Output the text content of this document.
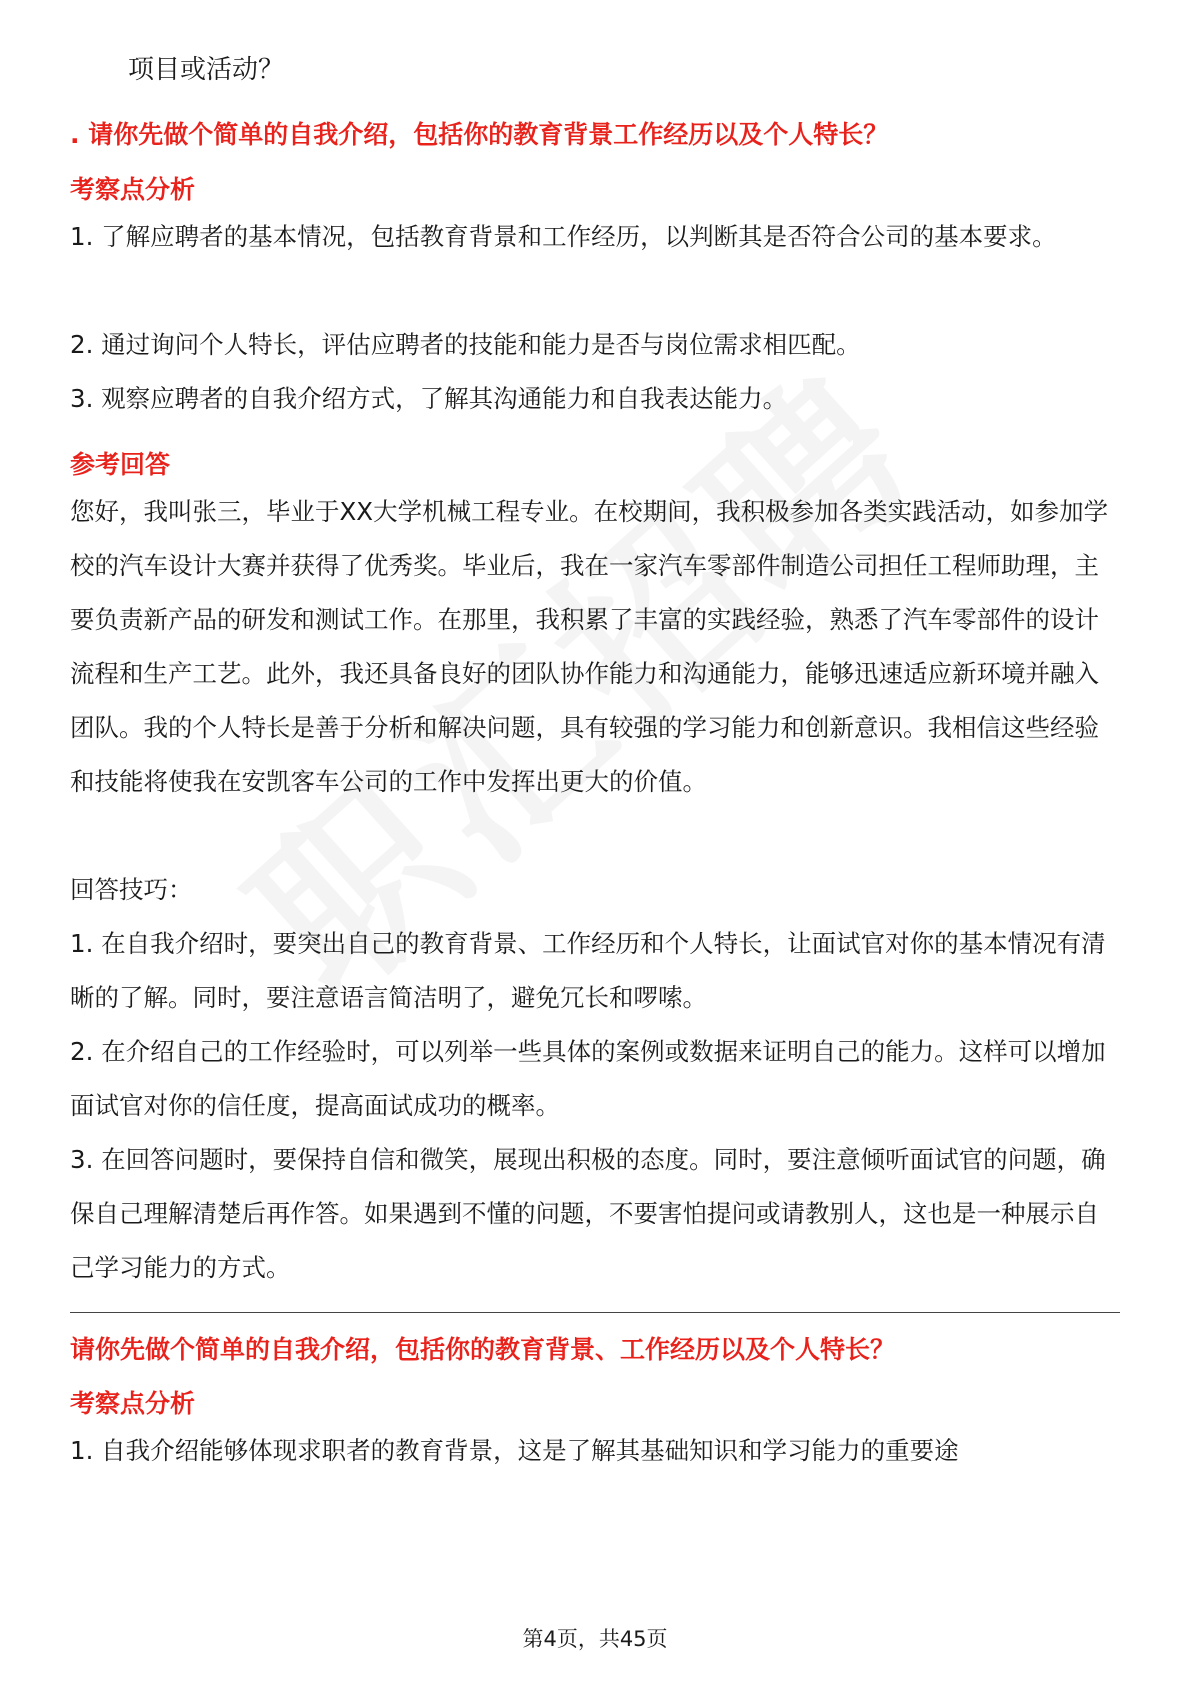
项目或活动？
. 请你先做个简单的自我介绍，包括你的教育背景工作经历以及个人特长？
考察点分析
1. 了解应聘者的基本情况，包括教育背景和工作经历，以判断其是否符合公司的基本要求。
2. 通过询问个人特长，评估应聘者的技能和能力是否与岗位需求相匹配。
3. 观察应聘者的自我介绍方式，了解其沟通能力和自我表达能力。
参考回答
您好，我叫张三，毕业于XX大学机械工程专业。在校期间，我积极参加各类实践活动，如参加学校的汽车设计大赛并获得了优秀奖。毕业后，我在一家汽车零部件制造公司担任工程师助理，主要负责新产品的研发和测试工作。在那里，我积累了丰富的实践经验，熟悉了汽车零部件的设计流程和生产工艺。此外，我还具备良好的团队协作能力和沟通能力，能够迅速适应新环境并融入团队。我的个人特长是善于分析和解决问题，具有较强的学习能力和创新意识。我相信这些经验和技能将使我在安凯客车公司的工作中发挥出更大的价值。
回答技巧：
1. 在自我介绍时，要突出自己的教育背景、工作经历和个人特长，让面试官对你的基本情况有清晰的了解。同时，要注意语言简洁明了，避免冗长和啰嗦。
2. 在介绍自己的工作经验时，可以列举一些具体的案例或数据来证明自己的能力。这样可以增加面试官对你的信任度，提高面试成功的概率。
3. 在回答问题时，要保持自信和微笑，展现出积极的态度。同时，要注意倾听面试官的问题，确保自己理解清楚后再作答。如果遇到不懂的问题，不要害怕提问或请教别人，这也是一种展示自己学习能力的方式。
请你先做个简单的自我介绍，包括你的教育背景、工作经历以及个人特长？
考察点分析
1. 自我介绍能够体现求职者的教育背景，这是了解其基础知识和学习能力的重要途
第4页，共45页
